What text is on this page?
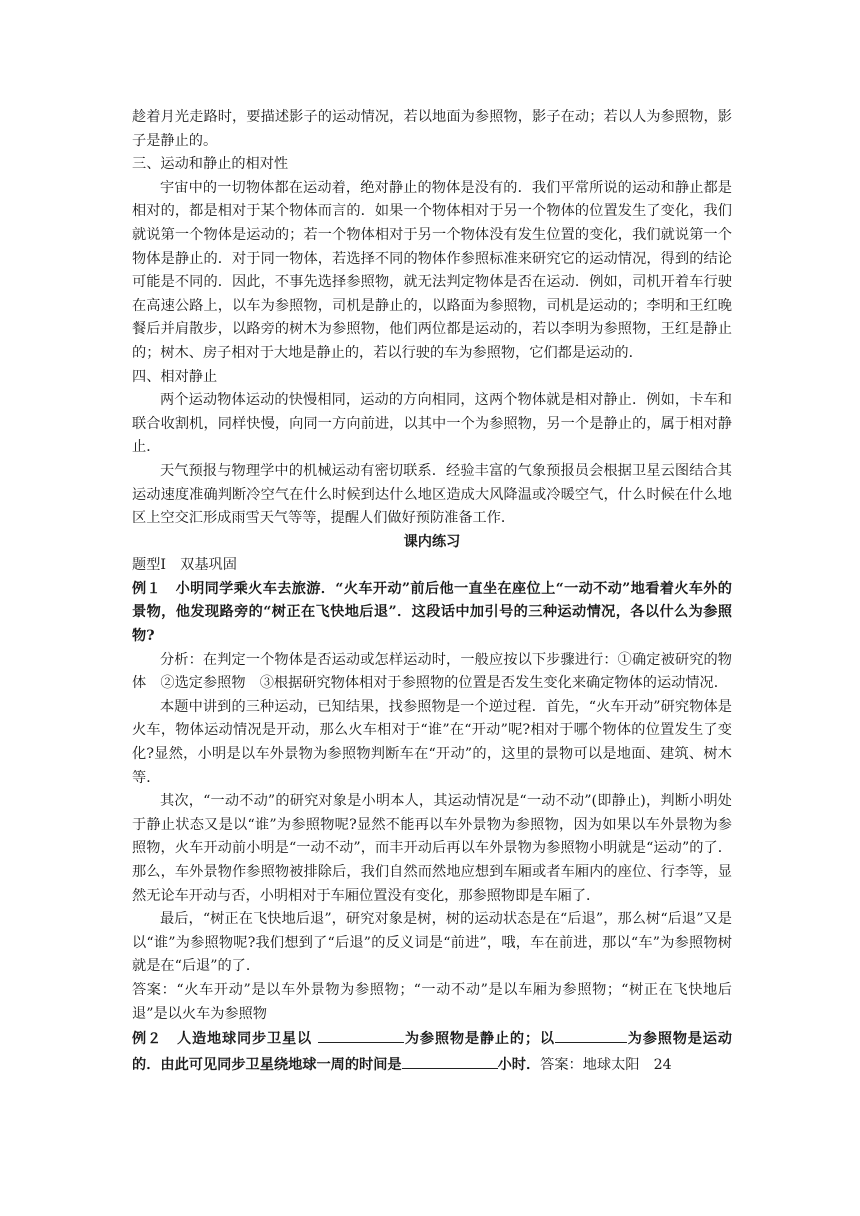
趁着月光走路时，要描述影子的运动情况，若以地面为参照物，影子在动；若以人为参照物，影子是静止的。

三、运动和静止的相对性

宇宙中的一切物体都在运动着，绝对静止的物体是没有的．我们平常所说的运动和静止都是相对的，都是相对于某个物体而言的．如果一个物体相对于另一个物体的位置发生了变化，我们就说第一个物体是运动的；若一个物体相对于另一个物体没有发生位置的变化，我们就说第一个物体是静止的．对于同一物体，若选择不同的物体作参照标准来研究它的运动情况，得到的结论可能是不同的．因此，不事先选择参照物，就无法判定物体是否在运动．例如，司机开着车行驶在高速公路上，以车为参照物，司机是静止的，以路面为参照物，司机是运动的；李明和王红晚餐后并肩散步，以路旁的树木为参照物，他们两位都是运动的，若以李明为参照物，王红是静止的；树木、房子相对于大地是静止的，若以行驶的车为参照物，它们都是运动的．

四、相对静止

两个运动物体运动的快慢相同，运动的方向相同，这两个物体就是相对静止．例如，卡车和联合收割机，同样快慢，向同一方向前进，以其中一个为参照物，另一个是静止的，属于相对静止．

天气预报与物理学中的机械运动有密切联系．经验丰富的气象预报员会根据卫星云图结合其运动速度准确判断冷空气在什么时候到达什么地区造成大风降温或冷暖空气，什么时候在什么地区上空交汇形成雨雪天气等等，提醒人们做好预防准备工作．

课内练习

题型Ⅰ　双基巩固

例１　小明同学乘火车去旅游．“火车开动”前后他一直坐在座位上“一动不动”地看着火车外的景物，他发现路旁的“树正在飞快地后退”．这段话中加引号的三种运动情况，各以什么为参照物?

分析：在判定一个物体是否运动或怎样运动时，一般应按以下步骤进行：①确定被研究的物体　②选定参照物　③根据研究物体相对于参照物的位置是否发生变化来确定物体的运动情况．

本题中讲到的三种运动，已知结果，找参照物是一个逆过程．首先，“火车开动”研究物体是火车，物体运动情况是开动，那么火车相对于“谁”在“开动”呢?相对于哪个物体的位置发生了变化?显然，小明是以车外景物为参照物判断车在“开动”的，这里的景物可以是地面、建筑、树木等．

其次，“一动不动”的研究对象是小明本人，其运动情况是“一动不动”(即静止)，判断小明处于静止状态又是以“谁”为参照物呢?显然不能再以车外景物为参照物，因为如果以车外景物为参照物，火车开动前小明是“一动不动”，而丰开动后再以车外景物为参照物小明就是“运动”的了．那么，车外景物作参照物被排除后，我们自然而然地应想到车厢或者车厢内的座位、行李等，显然无论车开动与否，小明相对于车厢位置没有变化，那参照物即是车厢了．

最后，“树正在飞快地后退”，研究对象是树，树的运动状态是在“后退”，那么树“后退”又是以“谁”为参照物呢?我们想到了“后退”的反义词是“前进”，哦，车在前进，那以“车”为参照物树就是在“后退”的了．

答案：“火车开动”是以车外景物为参照物；“一动不动”是以车厢为参照物；“树正在飞快地后退”是以火车为参照物

例２　人造地球同步卫星以	为参照物是静止的；以	为参照物是运动的．由此可见同步卫星绕地球一周的时间是	小时．答案：地球太阳　24
